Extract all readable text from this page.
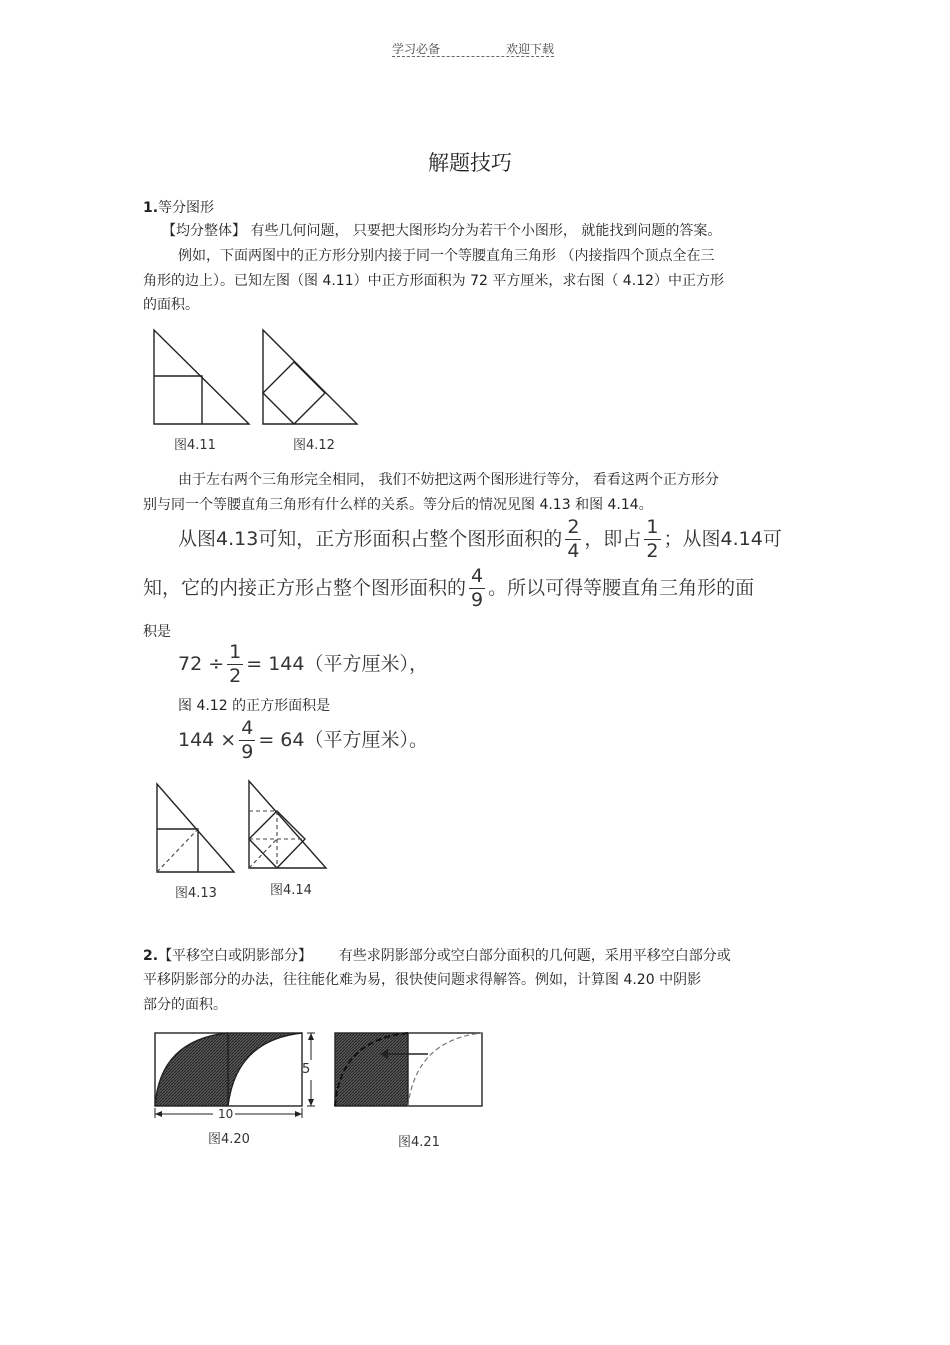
学习必备	欢迎下载
解题技巧
1.等分图形
【均分整体】 有些几何问题， 只要把大图形均分为若干个小图形， 就能找到问题的答案。
例如，下面两图中的正方形分别内接于同一个等腰直角三角形 （内接指四个顶点全在三
角形的边上）。已知左图（图 4.11）中正方形面积为 72 平方厘米，求右图（ 4.12）中正方形
的面积。
图4.11	图4.12
由于左右两个三角形完全相同， 我们不妨把这两个图形进行等分， 看看这两个正方形分
别与同一个等腰直角三角形有什么样的关系。等分后的情况见图 4.13 和图 4.14。
从图4.13可知，正方形面积占整个图形面积的 $\frac{2}{4}$ ，即占 $\frac{1}{2}$ ；从图4.14可
知，它的内接正方形占整个图形面积的 $\frac{4}{9}$ 。所以可得等腰直角三角形的面
积是
$72 \div \frac{1}{2} = 144$（平方厘米），
图 4.12 的正方形面积是
$144 \times \frac{4}{9} = 64$（平方厘米）。
图4.13	图4.14
2.【平移空白或阴影部分】 有些求阴影部分或空白部分面积的几何题，采用平移空白部分或
平移阴影部分的办法，往往能化难为易，很快使问题求得解答。例如，计算图 4.20 中阴影
部分的面积。
5
10
图4.20	图4.21
